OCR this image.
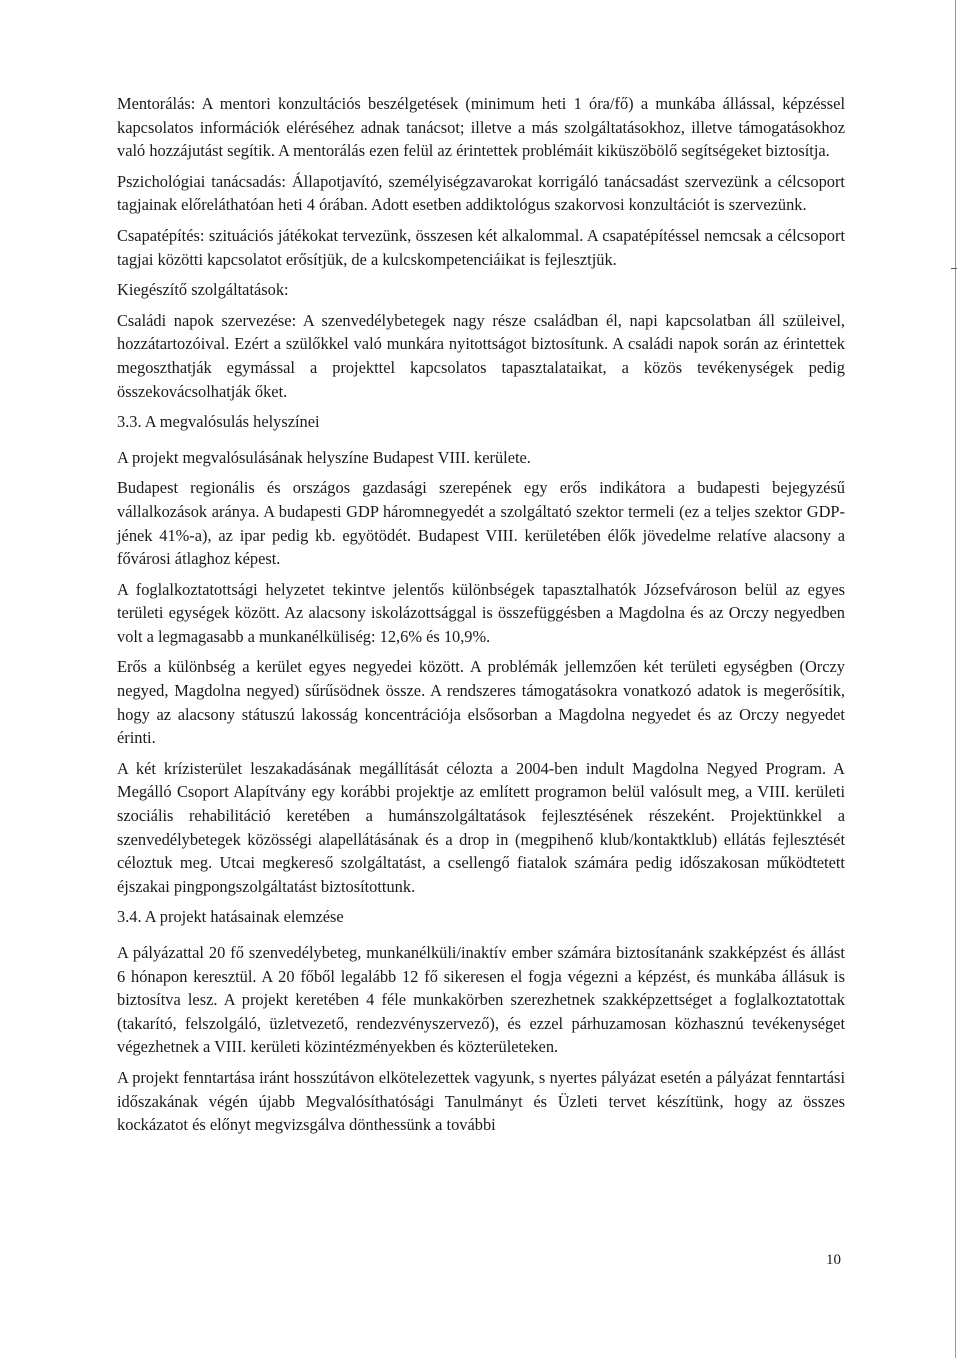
Mentorálás: A mentori konzultációs beszélgetések (minimum heti 1 óra/fő) a munkába állással, képzéssel kapcsolatos információk eléréséhez adnak tanácsot; illetve a más szolgáltatásokhoz, illetve támogatásokhoz való hozzájutást segítik. A mentorálás ezen felül az érintettek problémáit kiküszöbölő segítségeket biztosítja.

Pszichológiai tanácsadás: Állapotjavító, személyiségzavarokat korrigáló tanácsadást szervezünk a célcsoport tagjainak előreláthatóan heti 4 órában. Adott esetben addiktológus szakorvosi konzultációt is szervezünk.

Csapatépítés: szituációs játékokat tervezünk, összesen két alkalommal. A csapatépítéssel nemcsak a célcsoport tagjai közötti kapcsolatot erősítjük, de a kulcskompetenciáikat is fejlesztjük.

Kiegészítő szolgáltatások:

Családi napok szervezése: A szenvedélybetegek nagy része családban él, napi kapcsolatban áll szüleivel, hozzátartozóival. Ezért a szülőkkel való munkára nyitottságot biztosítunk. A családi napok során az érintettek megoszthatják egymással a projekttel kapcsolatos tapasztalataikat, a közös tevékenységek pedig összekovácsolhatják őket.

3.3. A megvalósulás helyszínei

A projekt megvalósulásának helyszíne Budapest VIII. kerülete.

Budapest regionális és országos gazdasági szerepének egy erős indikátora a budapesti bejegyzésű vállalkozások aránya. A budapesti GDP háromnegyedét a szolgáltató szektor termeli (ez a teljes szektor GDP-jének 41%-a), az ipar pedig kb. egyötödét. Budapest VIII. kerületében élők jövedelme relatíve alacsony a fővárosi átlaghoz képest.

A foglalkoztatottsági helyzetet tekintve jelentős különbségek tapasztalhatók Józsefvároson belül az egyes területi egységek között. Az alacsony iskolázottsággal is összefüggésben a Magdolna és az Orczy negyedben volt a legmagasabb a munkanélküliség: 12,6% és 10,9%.

Erős a különbség a kerület egyes negyedei között. A problémák jellemzően két területi egységben (Orczy negyed, Magdolna negyed) sűrűsödnek össze. A rendszeres támogatásokra vonatkozó adatok is megerősítik, hogy az alacsony státuszú lakosság koncentrációja elsősorban a Magdolna negyedet és az Orczy negyedet érinti.

A két krízisterület leszakadásának megállítását célozta a 2004-ben indult Magdolna Negyed Program. A Megálló Csoport Alapítvány egy korábbi projektje az említett programon belül valósult meg, a VIII. kerületi szociális rehabilitáció keretében a humánszolgáltatások fejlesztésének részeként. Projektünkkel a szenvedélybetegek közösségi alapellátásának és a drop in (megpihenő klub/kontaktklub) ellátás fejlesztését céloztuk meg. Utcai megkereső szolgáltatást, a csellengő fiatalok számára pedig időszakosan működtetett éjszakai pingpongszolgáltatást biztosítottunk.

3.4. A projekt hatásainak elemzése

A pályázattal 20 fő szenvedélybeteg, munkanélküli/inaktív ember számára biztosítanánk szakképzést és állást 6 hónapon keresztül. A 20 főből legalább 12 fő sikeresen el fogja végezni a képzést, és munkába állásuk is biztosítva lesz. A projekt keretében 4 féle munkakörben szerezhetnek szakképzettséget a foglalkoztatottak (takarító, felszolgáló, üzletvezető, rendezvényszervező), és ezzel párhuzamosan közhasznú tevékenységet végezhetnek a VIII. kerületi közintézményekben és közterületeken.

A projekt fenntartása iránt hosszútávon elkötelezettek vagyunk, s nyertes pályázat esetén a pályázat fenntartási időszakának végén újabb Megvalósíthatósági Tanulmányt és Üzleti tervet készítünk, hogy az összes kockázatot és előnyt megvizsgálva dönthessünk a további

10
